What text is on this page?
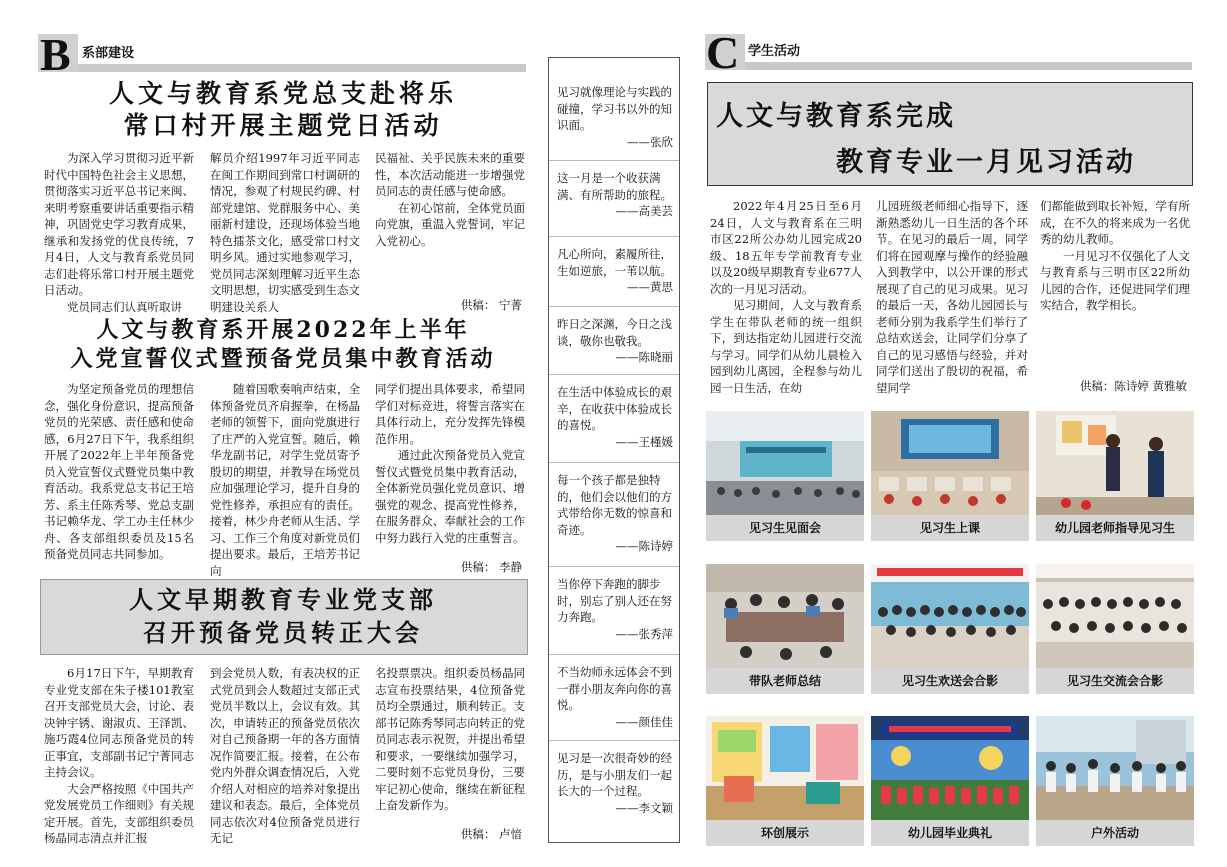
B 系部建设
人文与教育系党总支赴将乐
常口村开展主题党日活动

为深入学习贯彻习近平新时代中国特色社会主义思想，贯彻落实习近平总书记来闽、来明考察重要讲话重要指示精神，巩固党史学习教育成果，继承和发扬党的优良传统，7月4日，人文与教育系党员同志们赴将乐常口村开展主题党日活动。

党员同志们认真听取讲

解员介绍1997年习近平同志在闽工作期间到常口村调研的情况，参观了村规民约碑、村部党建馆、党群服务中心、美丽新村建设，还现场体验当地特色擂茶文化，感受常口村文明乡风。通过实地参观学习，党员同志深刻理解习近平生态文明思想，切实感受到生态文明建设关系人

民福祉、关乎民族未来的重要性，本次活动能进一步增强党员同志的责任感与使命感。

在初心馆前，全体党员面向党旗，重温入党誓词，牢记入党初心。

供稿： 宁菁
人文与教育系开展2022年上半年
入党宣誓仪式暨预备党员集中教育活动

为坚定预备党员的理想信念，强化身份意识，提高预备党员的光荣感、责任感和使命感，6月27日下午，我系组织开展了2022年上半年预备党员入党宣誓仪式暨党员集中教育活动。我系党总支书记王培芳、系主任陈秀琴、党总支副书记赖华龙、学工办主任林少舟、各支部组织委员及15名预备党员同志共同参加。

随着国歌奏响声结束，全体预备党员齐肩握拳，在杨晶老师的领誓下，面向党旗进行了庄严的入党宣誓。随后，赖华龙副书记，对学生党员寄予殷切的期望，并教导在场党员应加强理论学习，提升自身的党性修养，承担应有的责任。接着，林少舟老师从生活、学习、工作三个角度对新党员们提出要求。最后，王培芳书记向

同学们提出具体要求，希望同学们对标竞进，将誓言落实在具体行动上，充分发挥先锋模范作用。

通过此次预备党员入党宣誓仪式暨党员集中教育活动，全体新党员强化党员意识、增强党的观念、提高党性修养，在服务群众、奉献社会的工作中努力践行入党的庄重誓言。

供稿： 李静
人文早期教育专业党支部
召开预备党员转正大会

6月17日下午，早期教育专业党支部在朱子楼101教室召开支部党员大会，讨论、表决钟宇锈、谢淑贞、王泽凯、施巧霞4位同志预备党员的转正事宜，支部副书记宁菁同志主持会议。

大会严格按照《中国共产党发展党员工作细则》有关规定开展。首先，支部组织委员杨晶同志清点并汇报

到会党员人数，有表决权的正式党员到会人数超过支部正式党员半数以上，会议有效。其次，申请转正的预备党员依次对自己预备期一年的各方面情况作简要汇报。接着，在公布党内外群众调查情况后，入党介绍人对相应的培养对象提出建议和表态。最后，全体党员同志依次对4位预备党员进行无记

名投票票决。组织委员杨晶同志宣布投票结果，4位预备党员均全票通过，顺利转正。支部书记陈秀琴同志向转正的党员同志表示祝贺，并提出希望和要求，一要继续加强学习，二要时刻不忘党员身份，三要牢记初心使命，继续在新征程上奋发新作为。

供稿： 卢愔
见习就像理论与实践的碰撞，学习书以外的知识面。
——张欣
这一月是一个收获满满、有所帮助的旅程。
——高美芸
凡心所向，素履所往，生如逆旅，一苇以航。
——黄思
昨日之深渊，今日之浅谈，敬你也敬我。
——陈晓丽
在生活中体验成长的艰辛，在收获中体验成长的喜悦。
——王槿媛
每一个孩子都是独特的，他们会以他们的方式带给你无数的惊喜和奇迹。
——陈诗婷
当你停下奔跑的脚步时，别忘了别人还在努力奔跑。
——张秀萍
不当幼师永远体会不到一群小朋友奔向你的喜悦。
——颜佳佳
见习是一次很奇妙的经历，是与小朋友们一起长大的一个过程。
——李文颖
C 学生活动
人文与教育系完成
教育专业一月见习活动

2022年4月25日至6月24日，人文与教育系在三明市区22所公办幼儿园完成20级、18五年专学前教育专业以及20级早期教育专业677人次的一月见习活动。

见习期间，人文与教育系学生在带队老师的统一组织下，到达指定幼儿园进行交流与学习。同学们从幼儿晨检入园到幼儿离园，全程参与幼儿园一日生活，在幼

儿园班级老师细心指导下，逐渐熟悉幼儿一日生活的各个环节。在见习的最后一周，同学们将在园观摩与操作的经验融入到教学中，以公开课的形式展现了自己的见习成果。见习的最后一天，各幼儿园园长与老师分别为我系学生们举行了总结欢送会，让同学们分享了自己的见习感悟与经验，并对同学们送出了殷切的祝福，希望同学

们都能做到取长补短，学有所成，在不久的将来成为一名优秀的幼儿教师。

一月见习不仅强化了人文与教育系与三明市区22所幼儿园的合作，还促进同学们理实结合，教学相长。

供稿：陈诗婷 黄雅敏
见习生见面会	见习生上课	幼儿园老师指导见习生
带队老师总结	见习生欢送会合影	见习生交流会合影
环创展示	幼儿园毕业典礼	户外活动
